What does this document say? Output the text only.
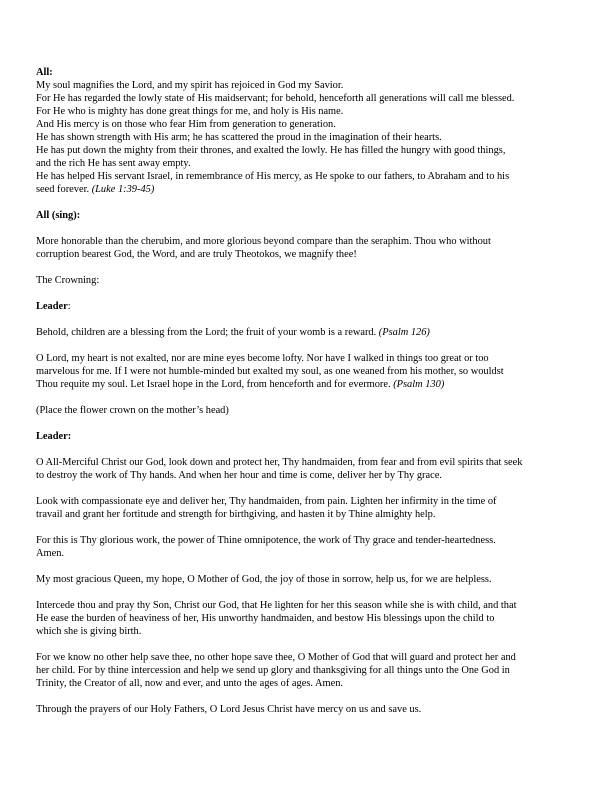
All:
My soul magnifies the Lord, and my spirit has rejoiced in God my Savior.
For He has regarded the lowly state of His maidservant; for behold, henceforth all generations will call me blessed.
For He who is mighty has done great things for me, and holy is His name.
And His mercy is on those who fear Him from generation to generation.
He has shown strength with His arm; he has scattered the proud in the imagination of their hearts.
He has put down the mighty from their thrones, and exalted the lowly. He has filled the hungry with good things,
and the rich He has sent away empty.
He has helped His servant Israel, in remembrance of His mercy, as He spoke to our fathers, to Abraham and to his
seed forever. (Luke 1:39-45)
All (sing):
More honorable than the cherubim, and more glorious beyond compare than the seraphim. Thou who without
corruption bearest God, the Word, and are truly Theotokos, we magnify thee!
The Crowning:
Leader:
Behold, children are a blessing from the Lord; the fruit of your womb is a reward. (Psalm 126)
O Lord, my heart is not exalted, nor are mine eyes become lofty. Nor have I walked in things too great or too
marvelous for me. If I were not humble-minded but exalted my soul, as one weaned from his mother, so wouldst
Thou requite my soul. Let Israel hope in the Lord, from henceforth and for evermore. (Psalm 130)
(Place the flower crown on the mother’s head)
Leader:
O All-Merciful Christ our God, look down and protect her, Thy handmaiden, from fear and from evil spirits that seek
to destroy the work of Thy hands. And when her hour and time is come, deliver her by Thy grace.
Look with compassionate eye and deliver her, Thy handmaiden, from pain. Lighten her infirmity in the time of
travail and grant her fortitude and strength for birthgiving, and hasten it by Thine almighty help.
For this is Thy glorious work, the power of Thine omnipotence, the work of Thy grace and tender-heartedness.
Amen.
My most gracious Queen, my hope, O Mother of God, the joy of those in sorrow, help us, for we are helpless.
Intercede thou and pray thy Son, Christ our God, that He lighten for her this season while she is with child, and that
He ease the burden of heaviness of her, His unworthy handmaiden, and bestow His blessings upon the child to
which she is giving birth.
For we know no other help save thee, no other hope save thee, O Mother of God that will guard and protect her and
her child. For by thine intercession and help we send up glory and thanksgiving for all things unto the One God in
Trinity, the Creator of all, now and ever, and unto the ages of ages. Amen.
Through the prayers of our Holy Fathers, O Lord Jesus Christ have mercy on us and save us.
